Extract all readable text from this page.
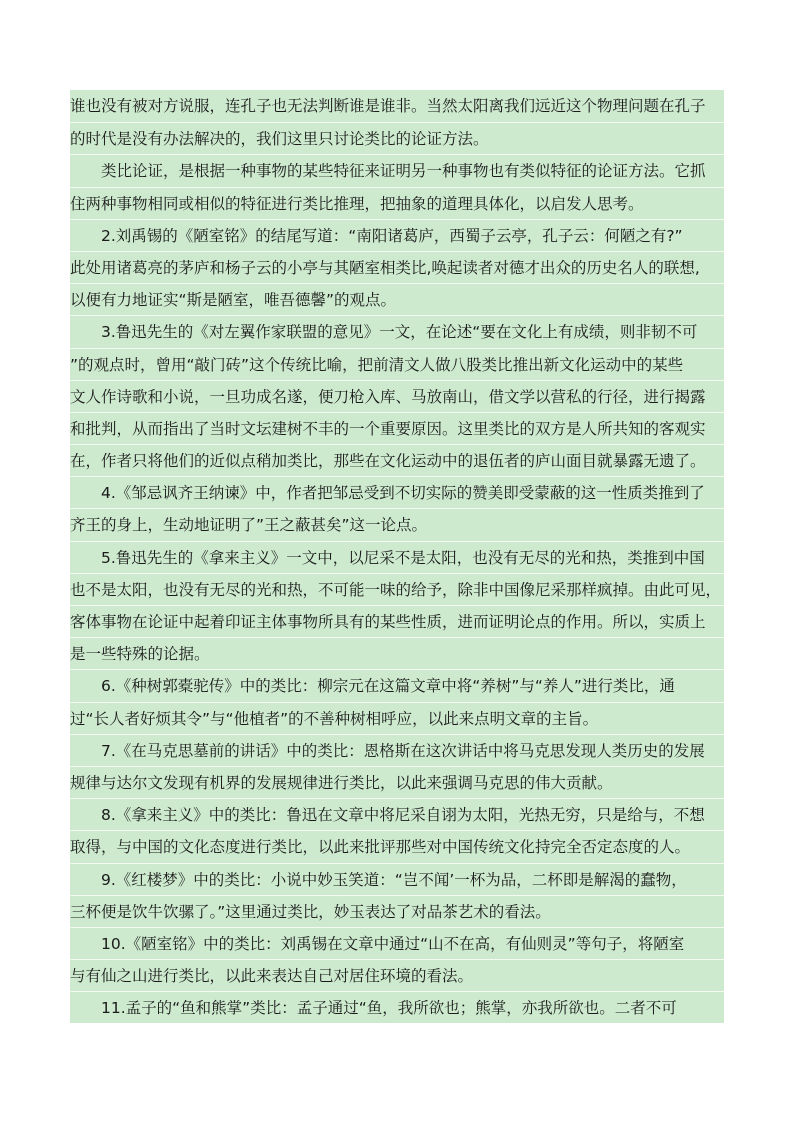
谁也没有被对方说服，连孔子也无法判断谁是谁非。当然太阳离我们远近这个物理问题在孔子
的时代是没有办法解决的，我们这里只讨论类比的论证方法。
类比论证，是根据一种事物的某些特征来证明另一种事物也有类似特征的论证方法。它抓
住两种事物相同或相似的特征进行类比推理，把抽象的道理具体化，以启发人思考。
2.刘禹锡的《陋室铭》的结尾写道：“南阳诸葛庐，西蜀子云亭，孔子云：何陋之有?”
此处用诸葛亮的茅庐和杨子云的小亭与其陋室相类比,唤起读者对德才出众的历史名人的联想,
以便有力地证实“斯是陋室，唯吾德馨”的观点。
3.鲁迅先生的《对左翼作家联盟的意见》一文，在论述“要在文化上有成绩，则非韧不可
”的观点时，曾用“敲门砖”这个传统比喻，把前清文人做八股类比推出新文化运动中的某些
文人作诗歌和小说，一旦功成名遂，便刀枪入库、马放南山，借文学以营私的行径，进行揭露
和批判，从而指出了当时文坛建树不丰的一个重要原因。这里类比的双方是人所共知的客观实
在，作者只将他们的近似点稍加类比，那些在文化运动中的退伍者的庐山面目就暴露无遗了。
4.《邹忌讽齐王纳谏》中，作者把邹忌受到不切实际的赞美即受蒙蔽的这一性质类推到了
齐王的身上，生动地证明了”王之蔽甚矣”这一论点。
5.鲁迅先生的《拿来主义》一文中，以尼采不是太阳，也没有无尽的光和热，类推到中国
也不是太阳，也没有无尽的光和热，不可能一味的给予，除非中国像尼采那样疯掉。由此可见，
客体事物在论证中起着印证主体事物所具有的某些性质，进而证明论点的作用。所以，实质上
是一些特殊的论据。
6.《种树郭橐驼传》中的类比：柳宗元在这篇文章中将“养树”与“养人”进行类比，通
过“长人者好烦其令”与“他植者”的不善种树相呼应，以此来点明文章的主旨。
7.《在马克思墓前的讲话》中的类比：恩格斯在这次讲话中将马克思发现人类历史的发展
规律与达尔文发现有机界的发展规律进行类比，以此来强调马克思的伟大贡献。
8.《拿来主义》中的类比：鲁迅在文章中将尼采自诩为太阳，光热无穷，只是给与，不想
取得，与中国的文化态度进行类比，以此来批评那些对中国传统文化持完全否定态度的人。
9.《红楼梦》中的类比：小说中妙玉笑道：“岂不闻’一杯为品，二杯即是解渴的蠢物，
三杯便是饮牛饮骡了。”这里通过类比，妙玉表达了对品茶艺术的看法。
10.《陋室铭》中的类比：刘禹锡在文章中通过“山不在高，有仙则灵”等句子，将陋室
与有仙之山进行类比，以此来表达自己对居住环境的看法。
11.孟子的“鱼和熊掌”类比：孟子通过“鱼，我所欲也；熊掌，亦我所欲也。二者不可
